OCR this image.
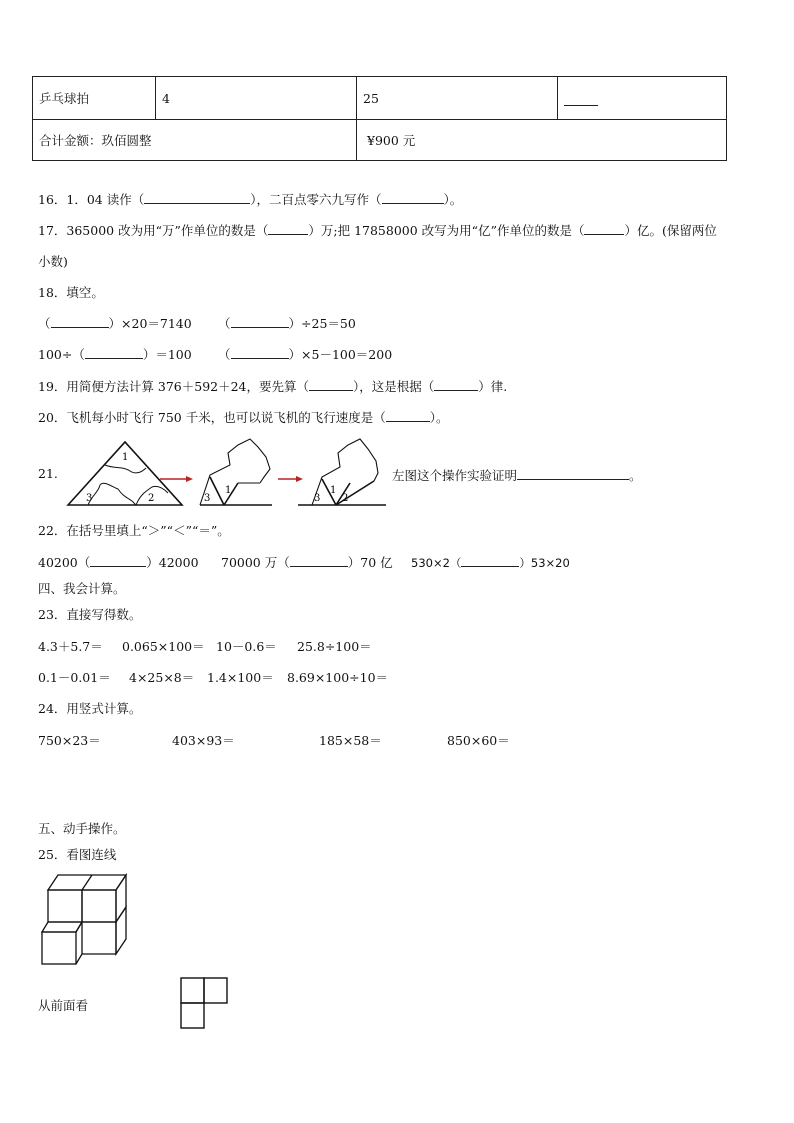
乒乓球拍	4	25	
合计金额：玖佰圆整		¥900 元	
16．1．04 读作（	），二百点零六九写作（	）。
17．365000 改为用“万”作单位的数是（	）万;把 17858000 改写为用“亿”作单位的数是（	）亿。(保留两位
小数)
18．填空。
（	）×20＝7140 （	）÷25＝50
100÷（	）＝100 （	）×5－100＝200
19．用简便方法计算 376＋592＋24，要先算（	），这是根据（	）律.
20．飞机每小时飞行 750 千米，也可以说飞机的飞行速度是（	）。
21.
1
2
3	3
1
3 2
1
左图这个操作实验证明	。
22．在括号里填上“＞”“＜”“＝”。
40200（	）42000 70000 万（	）70 亿 530×2（	）53×20
四、我会计算。
23．直接写得数。
4.3＋5.7＝ 0.065×100＝ 10－0.6＝ 25.8÷100＝
0.1－0.01＝ 4×25×8＝ 1.4×100＝ 8.69×100÷10＝
24．用竖式计算。
750×23＝	403×93＝	185×58＝	850×60＝
五、动手操作。
25．看图连线
从前面看
